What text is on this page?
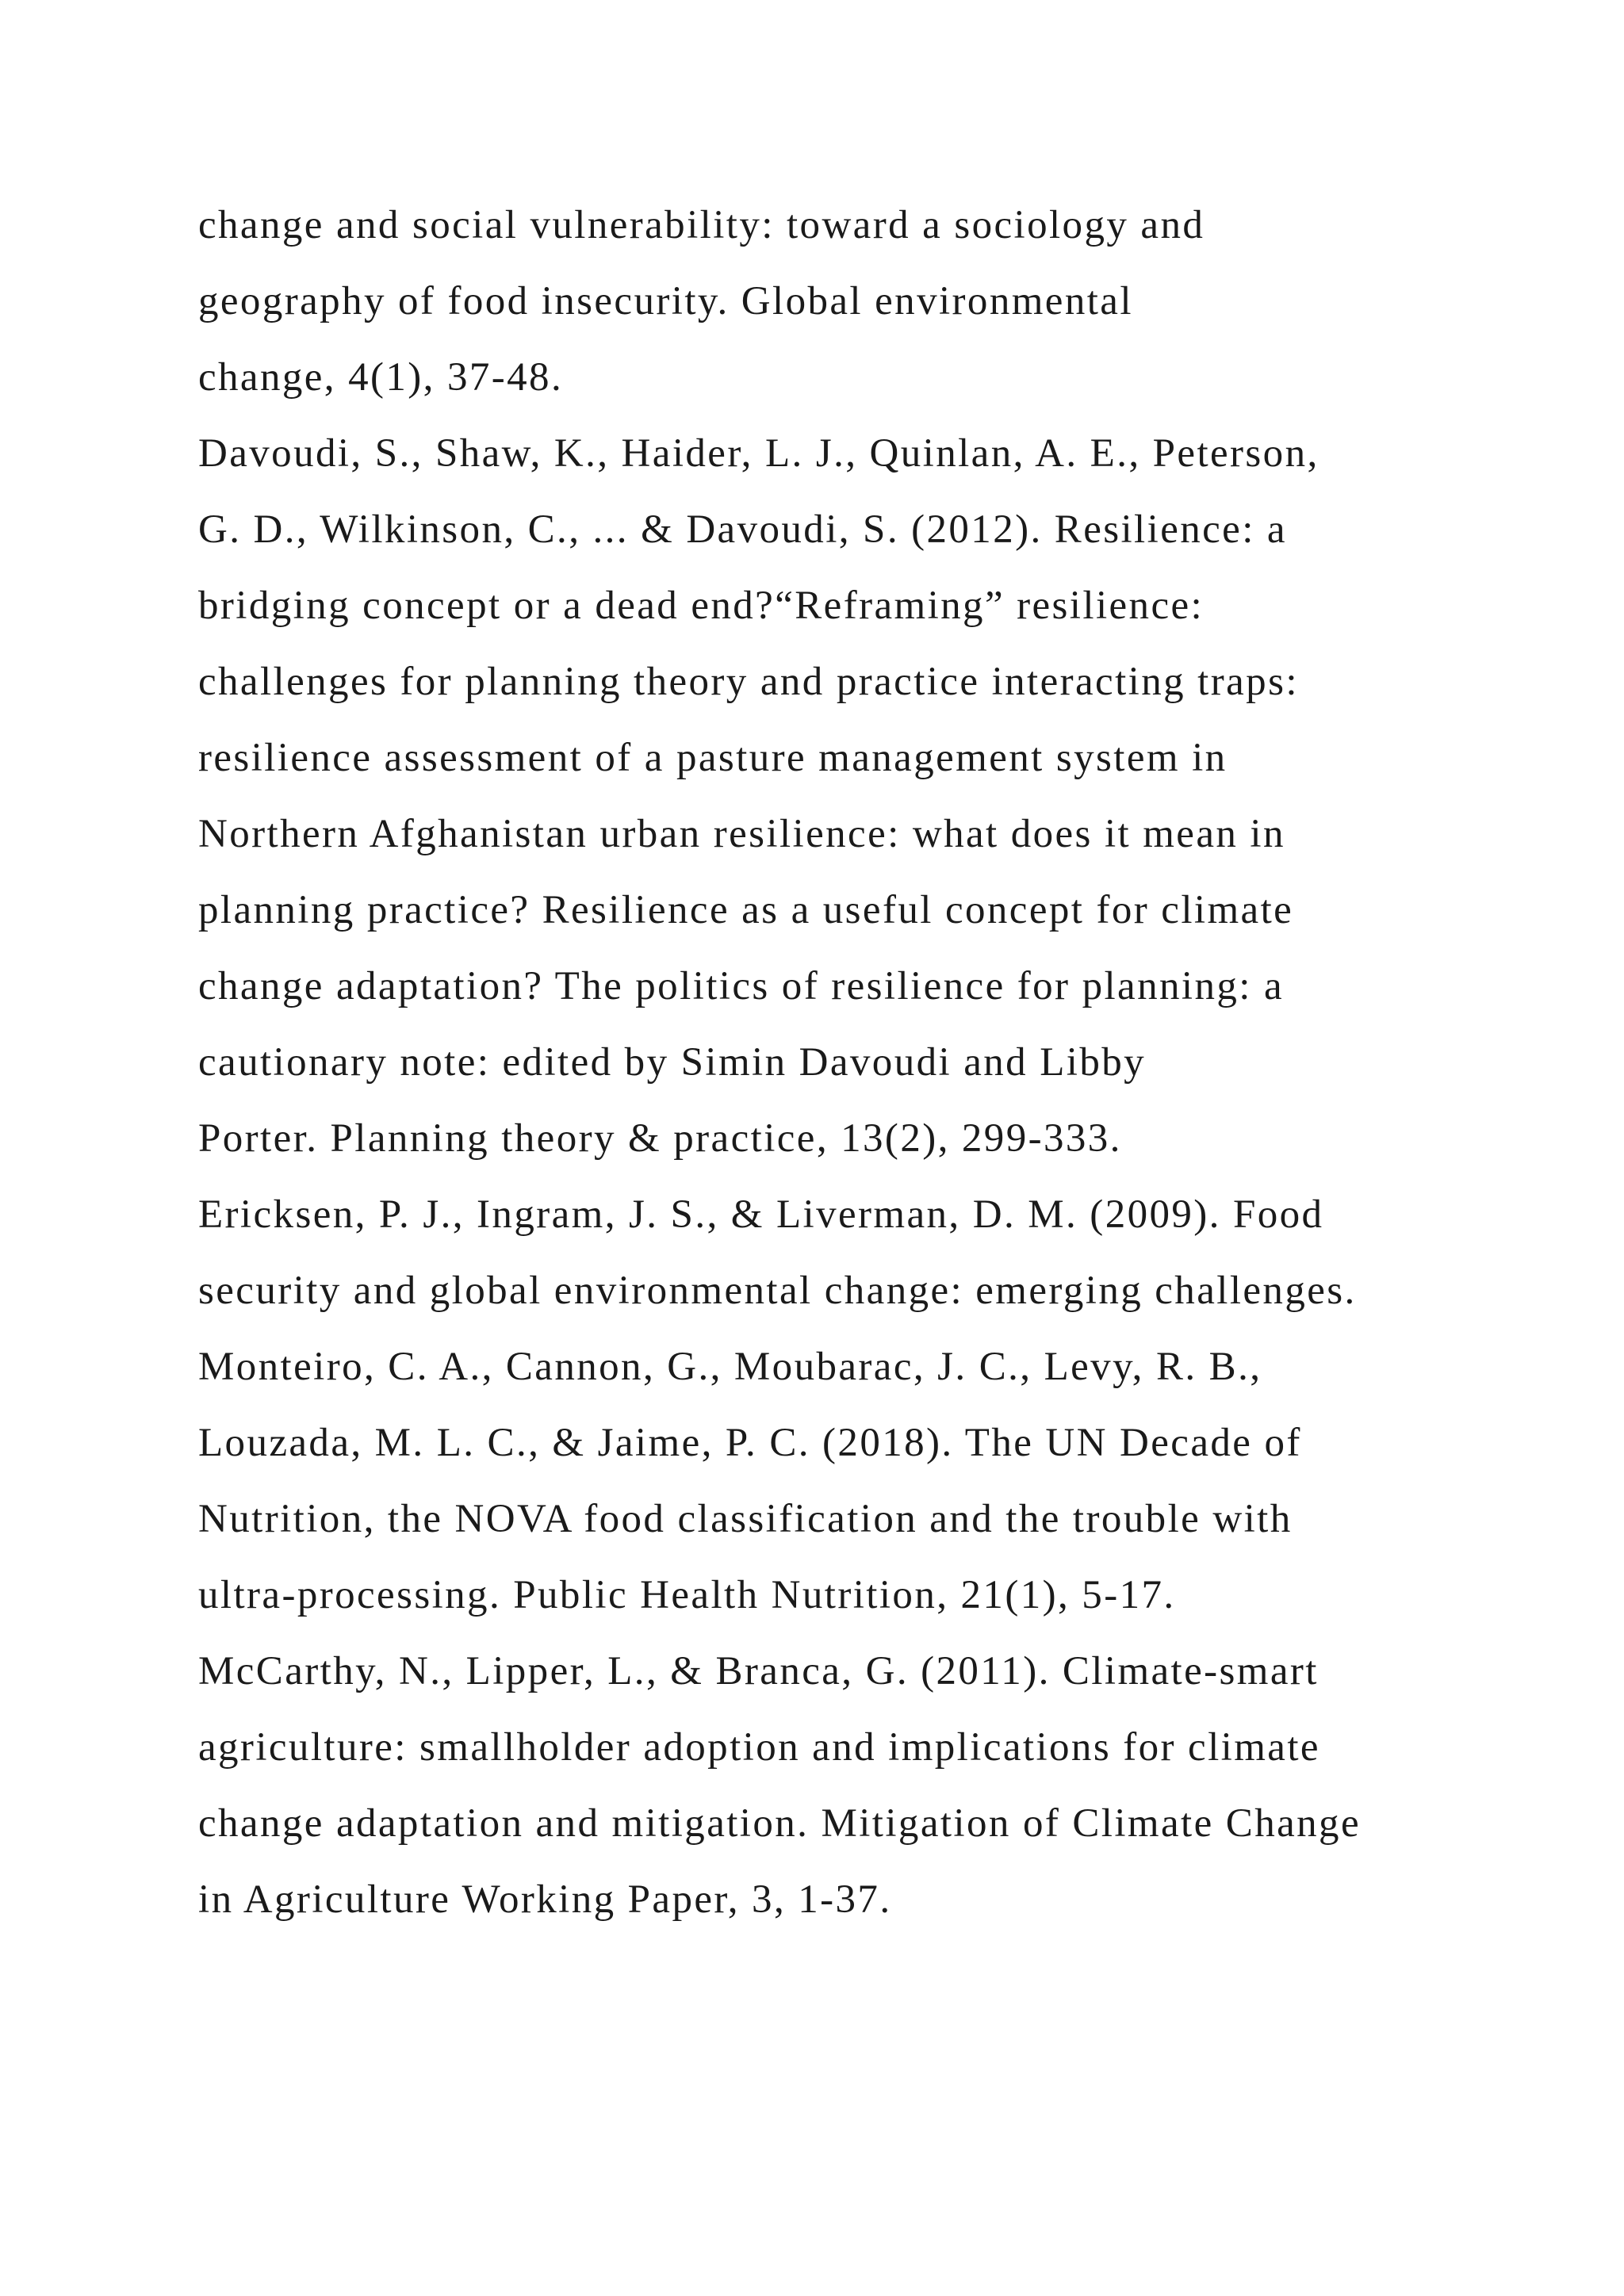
change and social vulnerability: toward a sociology and
geography of food insecurity. Global environmental
change, 4(1), 37-48.
Davoudi, S., Shaw, K., Haider, L. J., Quinlan, A. E., Peterson,
G. D., Wilkinson, C., ... & Davoudi, S. (2012). Resilience: a
bridging concept or a dead end?“Reframing” resilience:
challenges for planning theory and practice interacting traps:
resilience assessment of a pasture management system in
Northern Afghanistan urban resilience: what does it mean in
planning practice? Resilience as a useful concept for climate
change adaptation? The politics of resilience for planning: a
cautionary note: edited by Simin Davoudi and Libby
Porter. Planning theory & practice, 13(2), 299-333.
Ericksen, P. J., Ingram, J. S., & Liverman, D. M. (2009). Food
security and global environmental change: emerging challenges.
Monteiro, C. A., Cannon, G., Moubarac, J. C., Levy, R. B.,
Louzada, M. L. C., & Jaime, P. C. (2018). The UN Decade of
Nutrition, the NOVA food classification and the trouble with
ultra-processing. Public Health Nutrition, 21(1), 5-17.
McCarthy, N., Lipper, L., & Branca, G. (2011). Climate-smart
agriculture: smallholder adoption and implications for climate
change adaptation and mitigation. Mitigation of Climate Change
in Agriculture Working Paper, 3, 1-37.
